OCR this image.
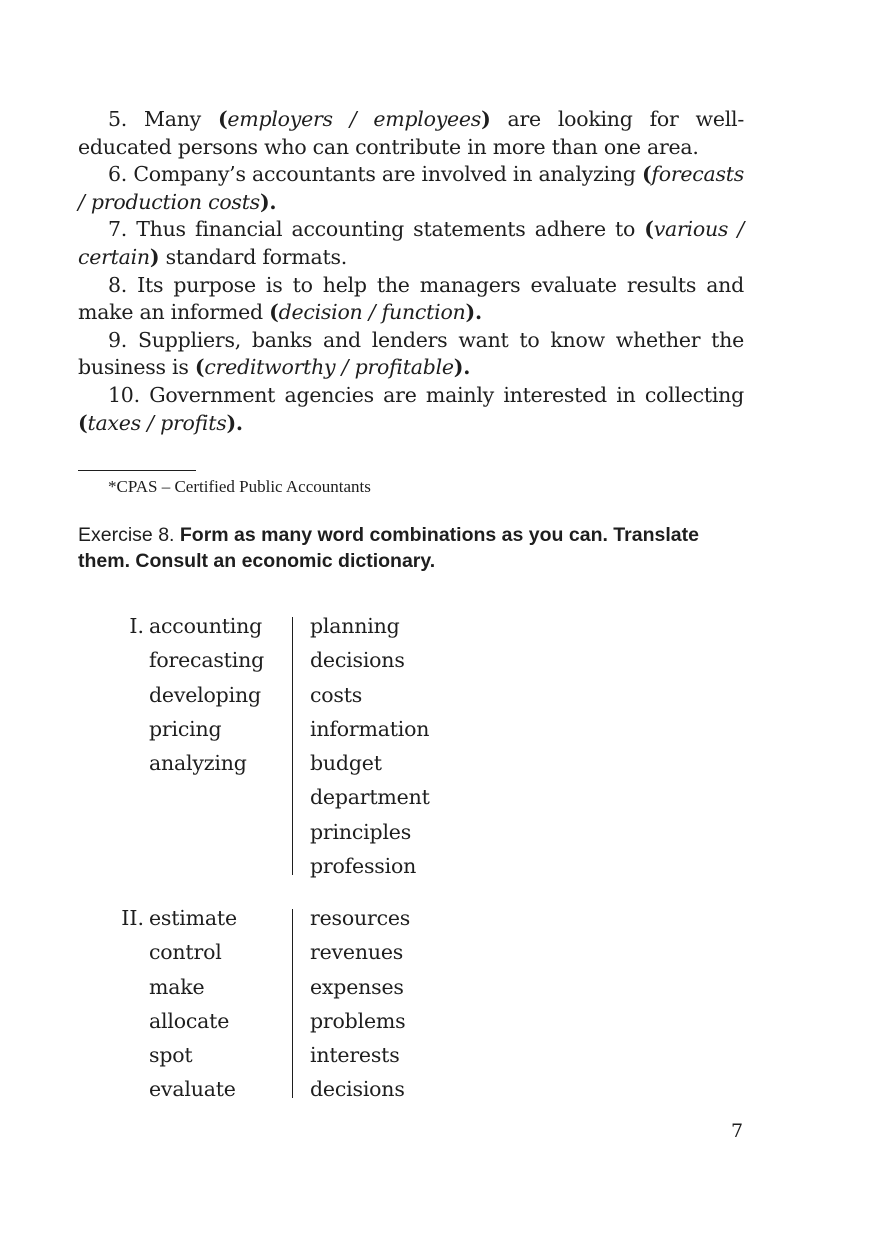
5. Many (employers / employees) are looking for well-educated persons who can contribute in more than one area.

6. Company’s accountants are involved in analyzing (forecasts / production costs).

7. Thus financial accounting statements adhere to (various / certain) standard formats.

8. Its purpose is to help the managers evaluate results and make an informed (decision / function).

9. Suppliers, banks and lenders want to know whether the business is (creditworthy / profitable).

10. Government agencies are mainly interested in collecting (taxes / profits).

*CPAS – Certified Public Accountants
Exercise 8. Form as many word combinations as you can. Translate them. Consult an economic dictionary.
I. accounting
forecasting
developing
pricing
analyzing
planning
decisions
costs
information
budget
department
principles
profession
II. estimate
control
make
allocate
spot
evaluate
resources
revenues
expenses
problems
interests
decisions
7
